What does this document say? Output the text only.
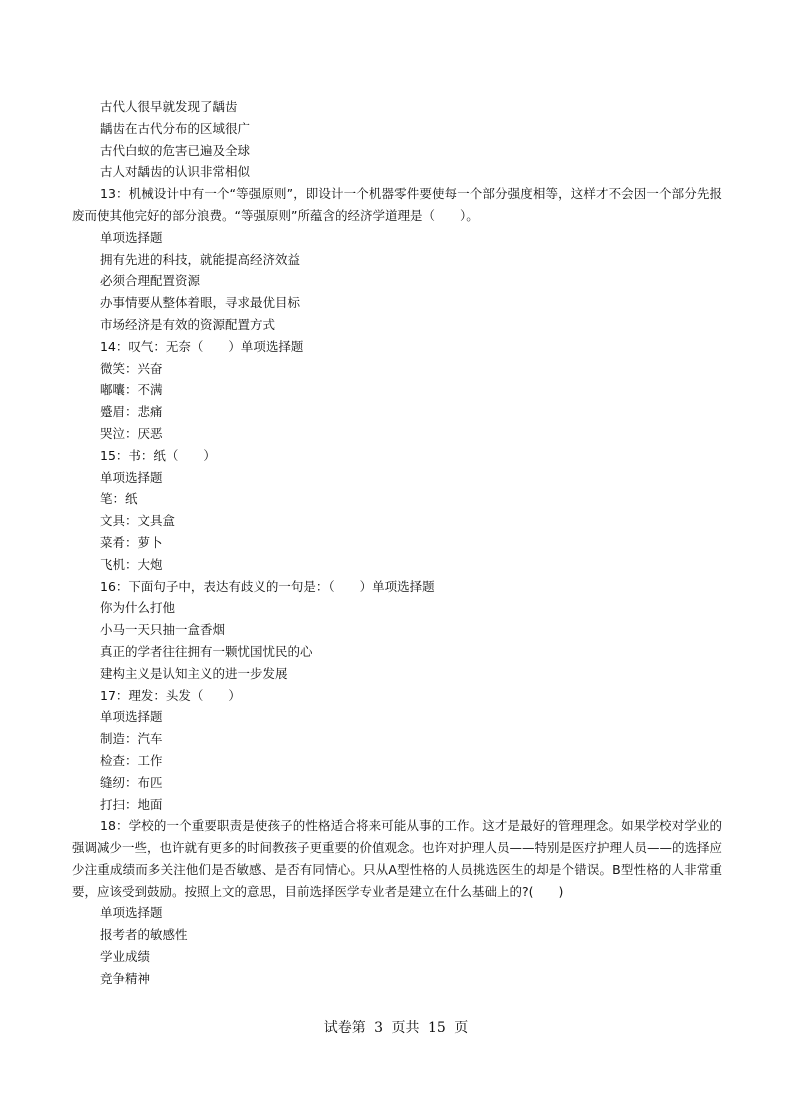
古代人很早就发现了龋齿
龋齿在古代分布的区域很广
古代白蚁的危害已遍及全球
古人对龋齿的认识非常相似

13：机械设计中有一个“等强原则”，即设计一个机器零件要使每一个部分强度相等，这样才不会因一个部分先报废而使其他完好的部分浪费。“等强原则”所蕴含的经济学道理是（　　）。

单项选择题
拥有先进的科技，就能提高经济效益
必须合理配置资源
办事情要从整体着眼，寻求最优目标
市场经济是有效的资源配置方式
14：叹气：无奈（　　）单项选择题
微笑：兴奋
嘟囔：不满
蹙眉：悲痛
哭泣：厌恶
15：书：纸（　　）
单项选择题
笔：纸
文具：文具盒
菜肴：萝卜
飞机：大炮
16：下面句子中，表达有歧义的一句是：（　　）单项选择题
你为什么打他
小马一天只抽一盒香烟
真正的学者往往拥有一颗忧国忧民的心
建构主义是认知主义的进一步发展
17：理发：头发（　　）
单项选择题
制造：汽车
检查：工作
缝纫：布匹
打扫：地面

18：学校的一个重要职责是使孩子的性格适合将来可能从事的工作。这才是最好的管理理念。如果学校对学业的强调减少一些，也许就有更多的时间教孩子更重要的价值观念。也许对护理人员——特别是医疗护理人员——的选择应少注重成绩而多关注他们是否敏感、是否有同情心。只从A型性格的人员挑选医生的却是个错误。B型性格的人非常重要，应该受到鼓励。按照上文的意思，目前选择医学专业者是建立在什么基础上的?(　　)

单项选择题
报考者的敏感性
学业成绩
竞争精神
试卷第 3 页共 15 页
